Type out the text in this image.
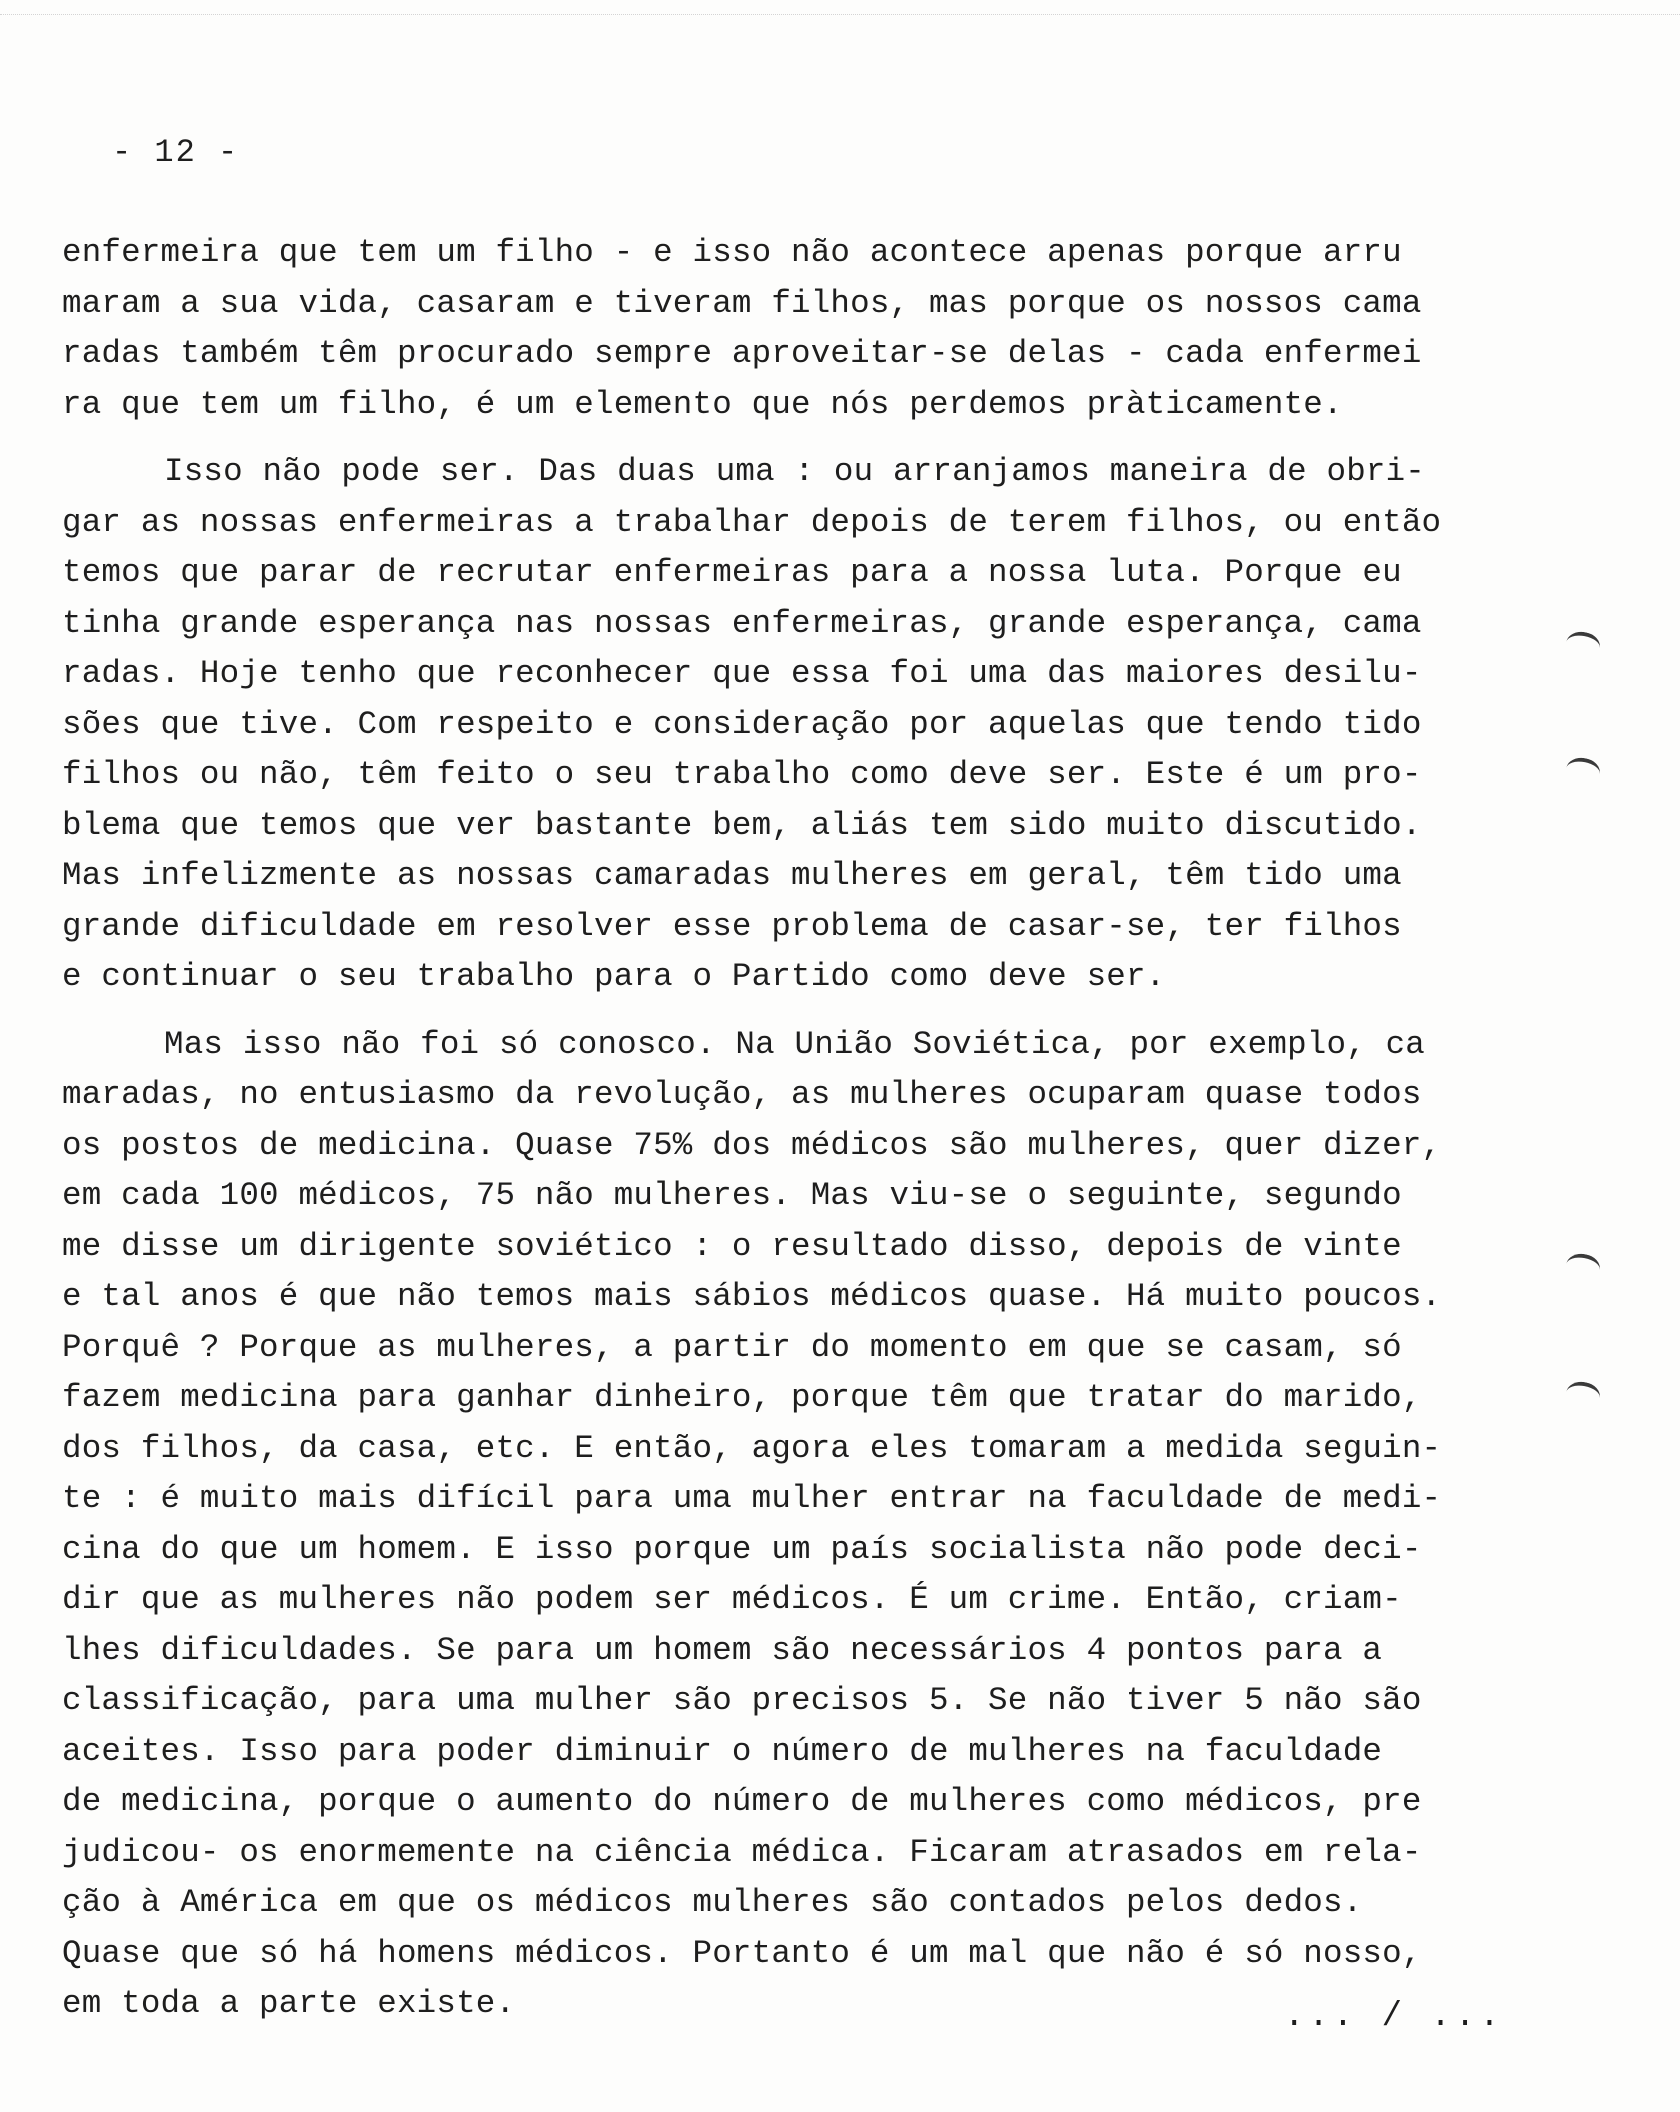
- 12 -
enfermeira que tem um filho - e isso não acontece apenas porque arru
maram a sua vida, casaram e tiveram filhos, mas porque os nossos cama
radas também têm procurado sempre aproveitar-se delas - cada enfermei
ra que tem um filho, é um elemento que nós perdemos pràticamente.
Isso não pode ser. Das duas uma : ou arranjamos maneira de obri-
gar as nossas enfermeiras a trabalhar depois de terem filhos, ou então
temos que parar de recrutar enfermeiras para a nossa luta. Porque eu
tinha grande esperança nas nossas enfermeiras, grande esperança, cama
radas. Hoje tenho que reconhecer que essa foi uma das maiores desilu-
sões que tive. Com respeito e consideração por aquelas que tendo tido
filhos ou não, têm feito o seu trabalho como deve ser. Este é um pro-
blema que temos que ver bastante bem, aliás tem sido muito discutido.
Mas infelizmente as nossas camaradas mulheres em geral, têm tido uma
grande dificuldade em resolver esse problema de casar-se, ter filhos
e continuar o seu trabalho para o Partido como deve ser.
Mas isso não foi só conosco. Na União Soviética, por exemplo, ca
maradas, no entusiasmo da revolução, as mulheres ocuparam quase todos
os postos de medicina. Quase 75% dos médicos são mulheres, quer dizer,
em cada 100 médicos, 75 não mulheres. Mas viu-se o seguinte, segundo
me disse um dirigente soviético : o resultado disso, depois de vinte
e tal anos é que não temos mais sábios médicos quase. Há muito poucos.
Porquê ? Porque as mulheres, a partir do momento em que se casam, só
fazem medicina para ganhar dinheiro, porque têm que tratar do marido,
dos filhos, da casa, etc. E então, agora eles tomaram a medida seguin-
te : é muito mais difícil para uma mulher entrar na faculdade de medi-
cina do que um homem. E isso porque um país socialista não pode deci-
dir que as mulheres não podem ser médicos. É um crime. Então, criam-
lhes dificuldades. Se para um homem são necessários 4 pontos para a
classificação, para uma mulher são precisos 5. Se não tiver 5 não são
aceites. Isso para poder diminuir o número de mulheres na faculdade
de medicina, porque o aumento do número de mulheres como médicos, pre
judicou- os enormemente na ciência médica. Ficaram atrasados em rela-
ção à América em que os médicos mulheres são contados pelos dedos.
Quase que só há homens médicos. Portanto é um mal que não é só nosso,
em toda a parte existe.	... / ...
